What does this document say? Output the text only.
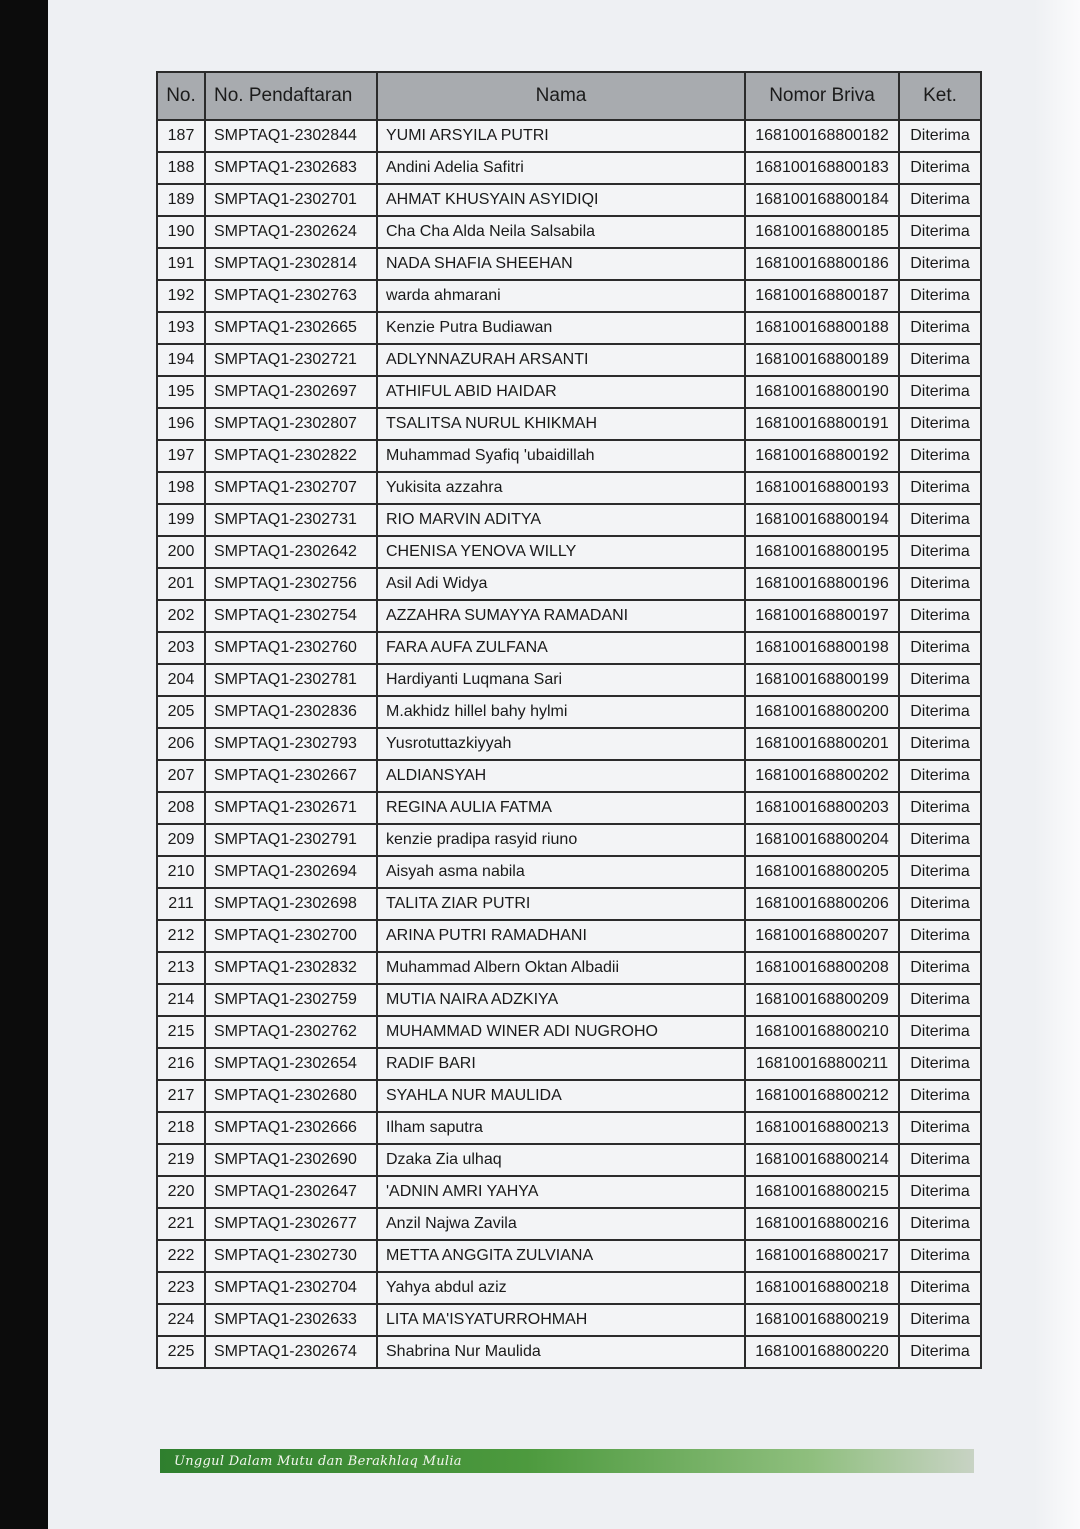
No.	No. Pendaftaran	Nama	Nomor Briva	Ket.
187	SMPTAQ1-2302844	YUMI ARSYILA PUTRI	168100168800182	Diterima
188	SMPTAQ1-2302683	Andini Adelia Safitri	168100168800183	Diterima
189	SMPTAQ1-2302701	AHMAT KHUSYAIN ASYIDIQI	168100168800184	Diterima
190	SMPTAQ1-2302624	Cha Cha Alda Neila Salsabila	168100168800185	Diterima
191	SMPTAQ1-2302814	NADA SHAFIA SHEEHAN	168100168800186	Diterima
192	SMPTAQ1-2302763	warda ahmarani	168100168800187	Diterima
193	SMPTAQ1-2302665	Kenzie Putra Budiawan	168100168800188	Diterima
194	SMPTAQ1-2302721	ADLYNNAZURAH ARSANTI	168100168800189	Diterima
195	SMPTAQ1-2302697	ATHIFUL ABID HAIDAR	168100168800190	Diterima
196	SMPTAQ1-2302807	TSALITSA NURUL KHIKMAH	168100168800191	Diterima
197	SMPTAQ1-2302822	Muhammad Syafiq 'ubaidillah	168100168800192	Diterima
198	SMPTAQ1-2302707	Yukisita azzahra	168100168800193	Diterima
199	SMPTAQ1-2302731	RIO MARVIN ADITYA	168100168800194	Diterima
200	SMPTAQ1-2302642	CHENISA YENOVA WILLY	168100168800195	Diterima
201	SMPTAQ1-2302756	Asil Adi Widya	168100168800196	Diterima
202	SMPTAQ1-2302754	AZZAHRA SUMAYYA RAMADANI	168100168800197	Diterima
203	SMPTAQ1-2302760	FARA AUFA ZULFANA	168100168800198	Diterima
204	SMPTAQ1-2302781	Hardiyanti Luqmana Sari	168100168800199	Diterima
205	SMPTAQ1-2302836	M.akhidz hillel bahy hylmi	168100168800200	Diterima
206	SMPTAQ1-2302793	Yusrotuttazkiyyah	168100168800201	Diterima
207	SMPTAQ1-2302667	ALDIANSYAH	168100168800202	Diterima
208	SMPTAQ1-2302671	REGINA AULIA FATMA	168100168800203	Diterima
209	SMPTAQ1-2302791	kenzie pradipa rasyid riuno	168100168800204	Diterima
210	SMPTAQ1-2302694	Aisyah asma nabila	168100168800205	Diterima
211	SMPTAQ1-2302698	TALITA ZIAR PUTRI	168100168800206	Diterima
212	SMPTAQ1-2302700	ARINA PUTRI RAMADHANI	168100168800207	Diterima
213	SMPTAQ1-2302832	Muhammad Albern Oktan Albadii	168100168800208	Diterima
214	SMPTAQ1-2302759	MUTIA NAIRA ADZKIYA	168100168800209	Diterima
215	SMPTAQ1-2302762	MUHAMMAD WINER ADI NUGROHO	168100168800210	Diterima
216	SMPTAQ1-2302654	RADIF BARI	168100168800211	Diterima
217	SMPTAQ1-2302680	SYAHLA NUR MAULIDA	168100168800212	Diterima
218	SMPTAQ1-2302666	Ilham saputra	168100168800213	Diterima
219	SMPTAQ1-2302690	Dzaka Zia ulhaq	168100168800214	Diterima
220	SMPTAQ1-2302647	'ADNIN AMRI YAHYA	168100168800215	Diterima
221	SMPTAQ1-2302677	Anzil Najwa Zavila	168100168800216	Diterima
222	SMPTAQ1-2302730	METTA ANGGITA ZULVIANA	168100168800217	Diterima
223	SMPTAQ1-2302704	Yahya abdul aziz	168100168800218	Diterima
224	SMPTAQ1-2302633	LITA MA'ISYATURROHMAH	168100168800219	Diterima
225	SMPTAQ1-2302674	Shabrina Nur Maulida	168100168800220	Diterima
Unggul Dalam Mutu dan Berakhlaq Mulia
